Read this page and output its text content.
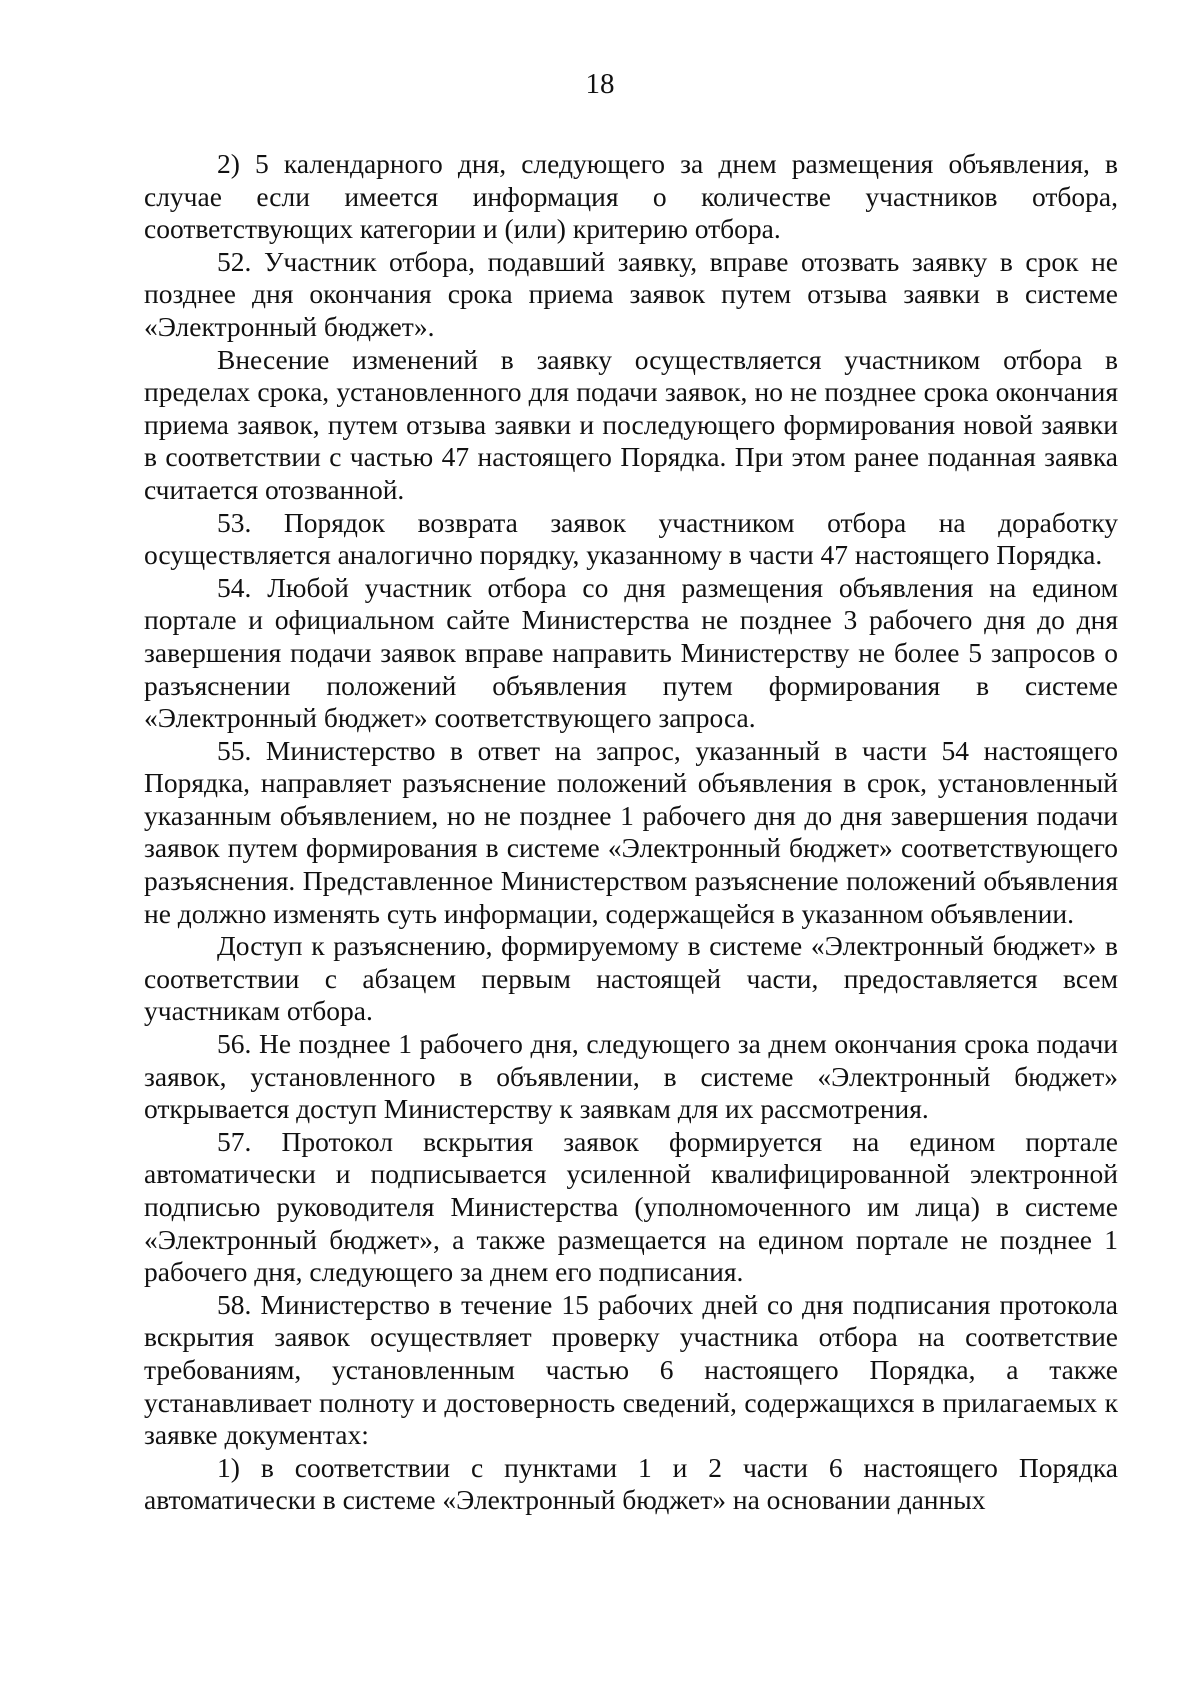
18

2) 5 календарного дня, следующего за днем размещения объявления, в случае если имеется информация о количестве участников отбора, соответствующих категории и (или) критерию отбора.

52. Участник отбора, подавший заявку, вправе отозвать заявку в срок не позднее дня окончания срока приема заявок путем отзыва заявки в системе «Электронный бюджет».

Внесение изменений в заявку осуществляется участником отбора в пределах срока, установленного для подачи заявок, но не позднее срока окончания приема заявок, путем отзыва заявки и последующего формирования новой заявки в соответствии с частью 47 настоящего Порядка. При этом ранее поданная заявка считается отозванной.

53. Порядок возврата заявок участником отбора на доработку осуществляется аналогично порядку, указанному в части 47 настоящего Порядка.

54. Любой участник отбора со дня размещения объявления на едином портале и официальном сайте Министерства не позднее 3 рабочего дня до дня завершения подачи заявок вправе направить Министерству не более 5 запросов о разъяснении положений объявления путем формирования в системе «Электронный бюджет» соответствующего запроса.

55. Министерство в ответ на запрос, указанный в части 54 настоящего Порядка, направляет разъяснение положений объявления в срок, установленный указанным объявлением, но не позднее 1 рабочего дня до дня завершения подачи заявок путем формирования в системе «Электронный бюджет» соответствующего разъяснения. Представленное Министерством разъяснение положений объявления не должно изменять суть информации, содержащейся в указанном объявлении.

Доступ к разъяснению, формируемому в системе «Электронный бюджет» в соответствии с абзацем первым настоящей части, предоставляется всем участникам отбора.

56. Не позднее 1 рабочего дня, следующего за днем окончания срока подачи заявок, установленного в объявлении, в системе «Электронный бюджет» открывается доступ Министерству к заявкам для их рассмотрения.

57. Протокол вскрытия заявок формируется на едином портале автоматически и подписывается усиленной квалифицированной электронной подписью руководителя Министерства (уполномоченного им лица) в системе «Электронный бюджет», а также размещается на едином портале не позднее 1 рабочего дня, следующего за днем его подписания.

58. Министерство в течение 15 рабочих дней со дня подписания протокола вскрытия заявок осуществляет проверку участника отбора на соответствие требованиям, установленным частью 6 настоящего Порядка, а также устанавливает полноту и достоверность сведений, содержащихся в прилагаемых к заявке документах:

1) в соответствии с пунктами 1 и 2 части 6 настоящего Порядка автоматически в системе «Электронный бюджет» на основании данных
